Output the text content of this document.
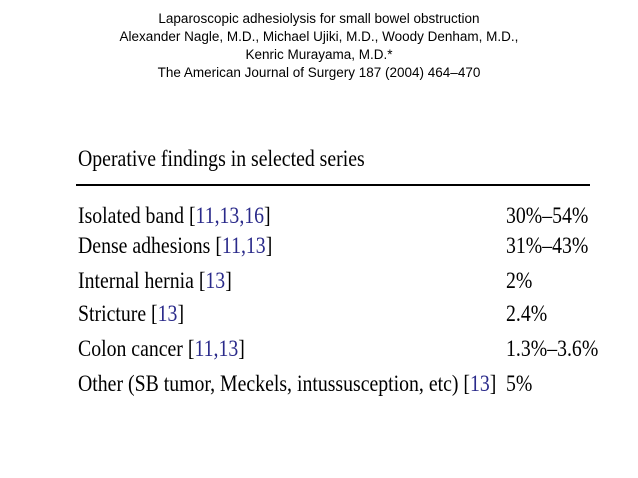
Laparoscopic adhesiolysis for small bowel obstruction
Alexander Nagle, M.D., Michael Ujiki, M.D., Woody Denham, M.D.,
Kenric Murayama, M.D.*
The American Journal of Surgery 187 (2004) 464–470
Operative findings in selected series
Isolated band [11,13,16]	30%–54%
Dense adhesions [11,13]	31%–43%
Internal hernia [13]	2%
Stricture [13]	2.4%
Colon cancer [11,13]	1.3%–3.6%
Other (SB tumor, Meckels, intussusception, etc) [13] 5%
